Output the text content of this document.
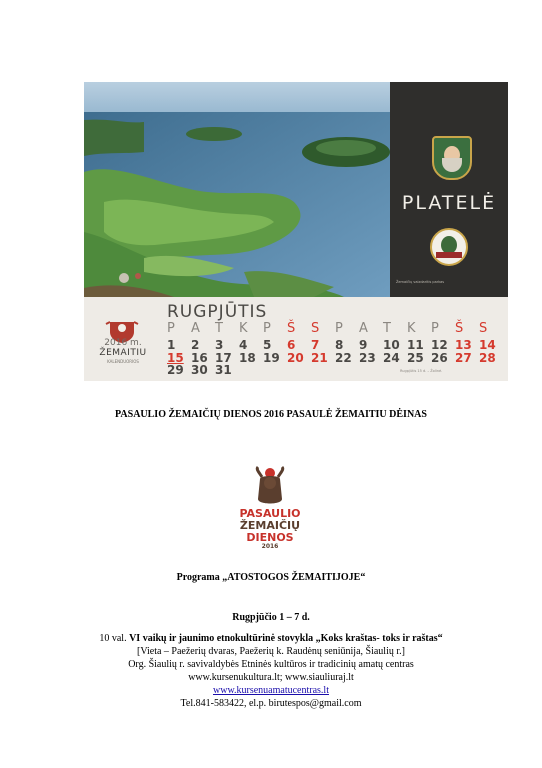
PLATELĖ
Žemaičių vaizdaritis parkas
2016 m.
ŽEMAITIU
KALENDUORIOS
RUGPJŪTIS
P	A	T	K	P	Š	S	P	A	T	K	P	Š	S
1	2	3	4	5	6	7	8	9	10 11 12 13 14
15 16 17 18 19 20 21 22 23 24 25 26 27 28
29 30 31	Rugpjūtis 15 d. – Žolinė.
PASAULIO ŽEMAIČIŲ DIENOS 2016 PASAULĖ ŽEMAITIU DĖINAS
PASAULIO
ŽEMAIČIŲ
DIENOS
2016
Programa „ATOSTOGOS ŽEMAITIJOJE“
Rugpjūčio 1 – 7 d.
10 val. VI vaikų ir jaunimo etnokultūrinė stovykla „Koks kraštas- toks ir raštas“
[Vieta – Paežerių dvaras, Paežerių k. Raudėnų seniūnija, Šiaulių r.]
Org. Šiaulių r. savivaldybės Etninės kultūros ir tradicinių amatų centras
www.kursenukultura.lt; www.siauliuraj.lt
www.kursenuamatucentras.lt
Tel.841-583422, el.p. birutespos@gmail.com
